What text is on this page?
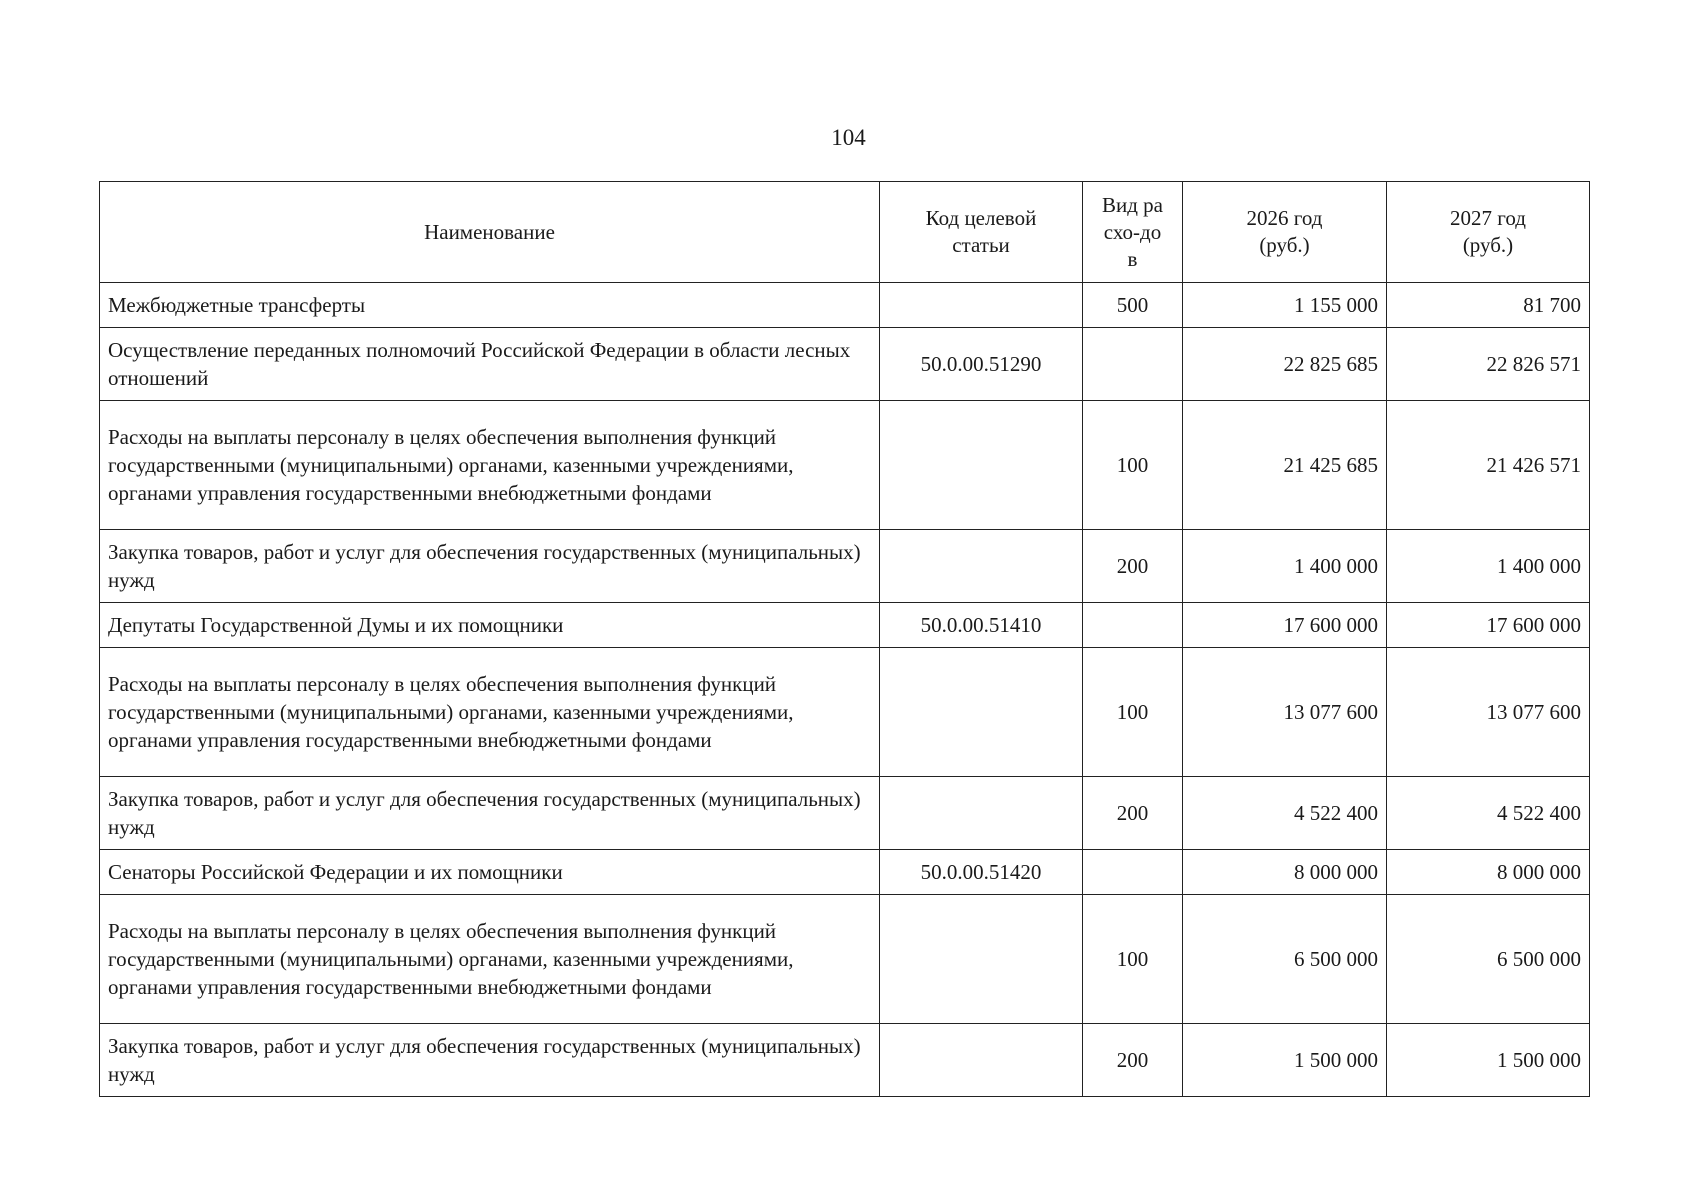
104
Наименование	Код целевой статьи	Вид расхо-дов	2026 год (руб.)	2027 год (руб.)
Межбюджетные трансферты		500	1 155 000	81 700
Осуществление переданных полномочий Российской Федерации в области лесных отношений	50.0.00.51290		22 825 685	22 826 571
Расходы на выплаты персоналу в целях обеспечения выполнения функций государственными (муниципальными) органами, казенными учреждениями, органами управления государственными внебюджетными фондами		100	21 425 685	21 426 571
Закупка товаров, работ и услуг для обеспечения государственных (муниципальных) нужд		200	1 400 000	1 400 000
Депутаты Государственной Думы и их помощники	50.0.00.51410		17 600 000	17 600 000
Расходы на выплаты персоналу в целях обеспечения выполнения функций государственными (муниципальными) органами, казенными учреждениями, органами управления государственными внебюджетными фондами		100	13 077 600	13 077 600
Закупка товаров, работ и услуг для обеспечения государственных (муниципальных) нужд		200	4 522 400	4 522 400
Сенаторы Российской Федерации и их помощники	50.0.00.51420		8 000 000	8 000 000
Расходы на выплаты персоналу в целях обеспечения выполнения функций государственными (муниципальными) органами, казенными учреждениями, органами управления государственными внебюджетными фондами		100	6 500 000	6 500 000
Закупка товаров, работ и услуг для обеспечения государственных (муниципальных) нужд		200	1 500 000	1 500 000
